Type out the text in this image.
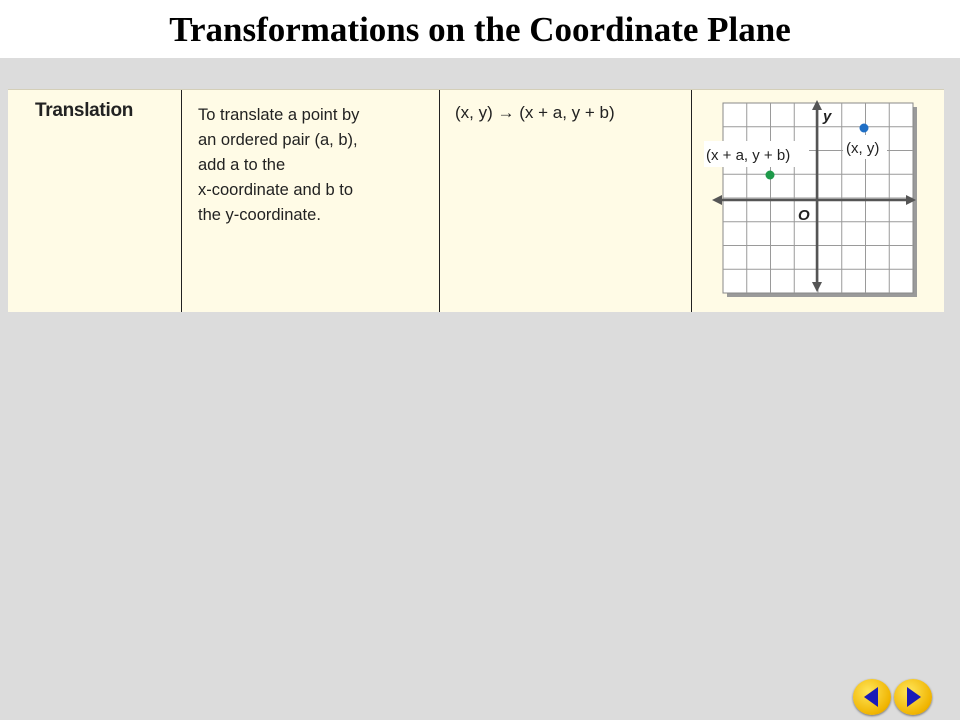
Transformations on the Coordinate Plane
Translation	To translate a point by
an ordered pair (a, b),
add a to the
x-coordinate and b to
the y-coordinate.
(x, y) → (x + a, y + b)	y
O
(x, y)
(x + a, y + b)
